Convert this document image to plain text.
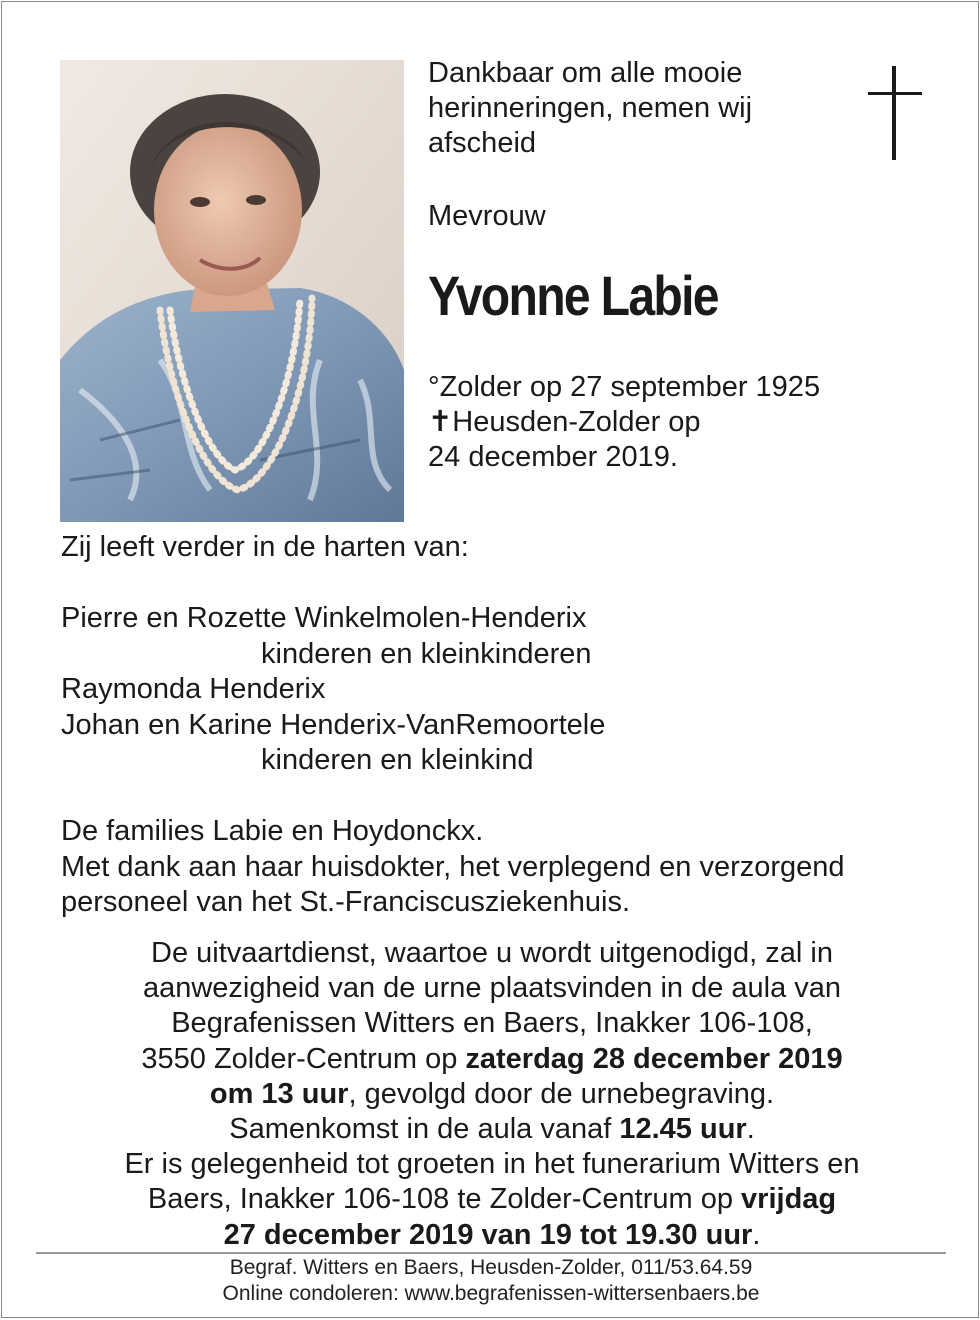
Dankbaar om alle mooie
herinneringen, nemen wij
afscheid

Mevrouw

Yvonne Labie

°Zolder op 27 september 1925
✝Heusden-Zolder op
24 december 2019.

Zij leeft verder in de harten van:

Pierre en Rozette Winkelmolen-Henderix

kinderen en kleinkinderen

Raymonda Henderix

Johan en Karine Henderix-VanRemoortele

kinderen en kleinkind

De families Labie en Hoydonckx.

Met dank aan haar huisdokter, het verplegend en verzorgend

personeel van het St.-Franciscusziekenhuis.

De uitvaartdienst, waartoe u wordt uitgenodigd, zal in

aanwezigheid van de urne plaatsvinden in de aula van

Begrafenissen Witters en Baers, Inakker 106-108,

3550 Zolder-Centrum op zaterdag 28 december 2019

om 13 uur, gevolgd door de urnebegraving.

Samenkomst in de aula vanaf 12.45 uur.

Er is gelegenheid tot groeten in het funerarium Witters en

Baers, Inakker 106-108 te Zolder-Centrum op vrijdag

27 december 2019 van 19 tot 19.30 uur.

Begraf. Witters en Baers, Heusden-Zolder, 011/53.64.59

Online condoleren: www.begrafenissen-wittersenbaers.be
